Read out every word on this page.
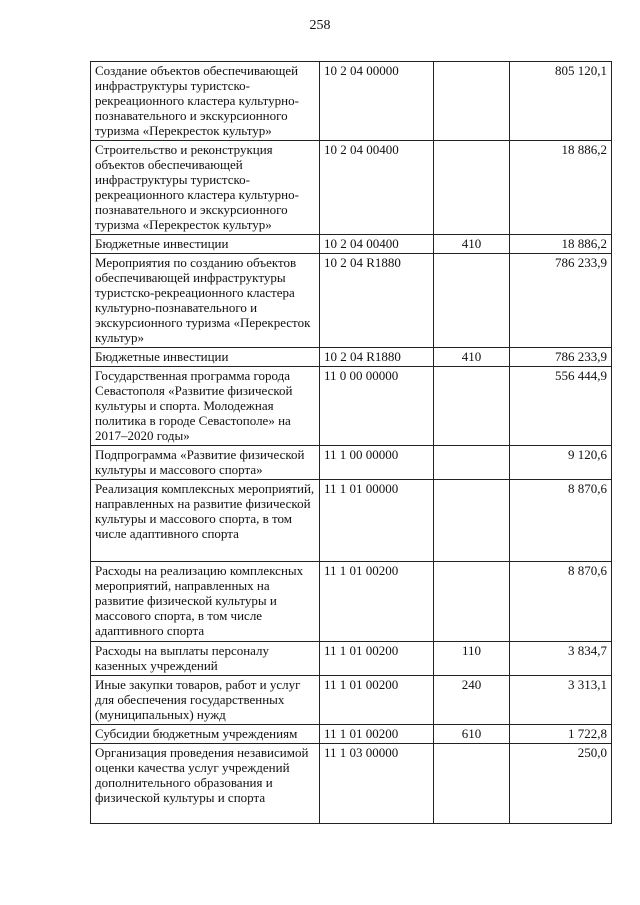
258
Создание объектов обеспечивающей инфраструктуры туристско-рекреационного кластера культурно-познавательного и экскурсионного туризма «Перекресток культур»	10 2 04 00000		805 120,1
Строительство и реконструкция объектов обеспечивающей инфраструктуры туристско-рекреационного кластера культурно-познавательного и экскурсионного туризма «Перекресток культур»	10 2 04 00400		18 886,2
Бюджетные инвестиции	10 2 04 00400	410	18 886,2
Мероприятия по созданию объектов обеспечивающей инфраструктуры туристско-рекреационного кластера культурно-познавательного и экскурсионного туризма «Перекресток культур»	10 2 04 R1880		786 233,9
Бюджетные инвестиции	10 2 04 R1880	410	786 233,9
Государственная программа города Севастополя «Развитие физической культуры и спорта. Молодежная политика в городе Севастополе» на 2017–2020 годы»	11 0 00 00000		556 444,9
Подпрограмма «Развитие физической культуры и массового спорта»	11 1 00 00000		9 120,6
Реализация комплексных мероприятий, направленных на развитие физической культуры и массового спорта, в том числе адаптивного спорта	11 1 01 00000		8 870,6
Расходы на реализацию комплексных мероприятий, направленных на развитие физической культуры и массового спорта, в том числе адаптивного спорта	11 1 01 00200		8 870,6
Расходы на выплаты персоналу казенных учреждений	11 1 01 00200	110	3 834,7
Иные закупки товаров, работ и услуг для обеспечения государственных (муниципальных) нужд	11 1 01 00200	240	3 313,1
Субсидии бюджетным учреждениям	11 1 01 00200	610	1 722,8
Организация проведения независимой оценки качества услуг учреждений дополнительного образования и физической культуры и спорта	11 1 03 00000		250,0
